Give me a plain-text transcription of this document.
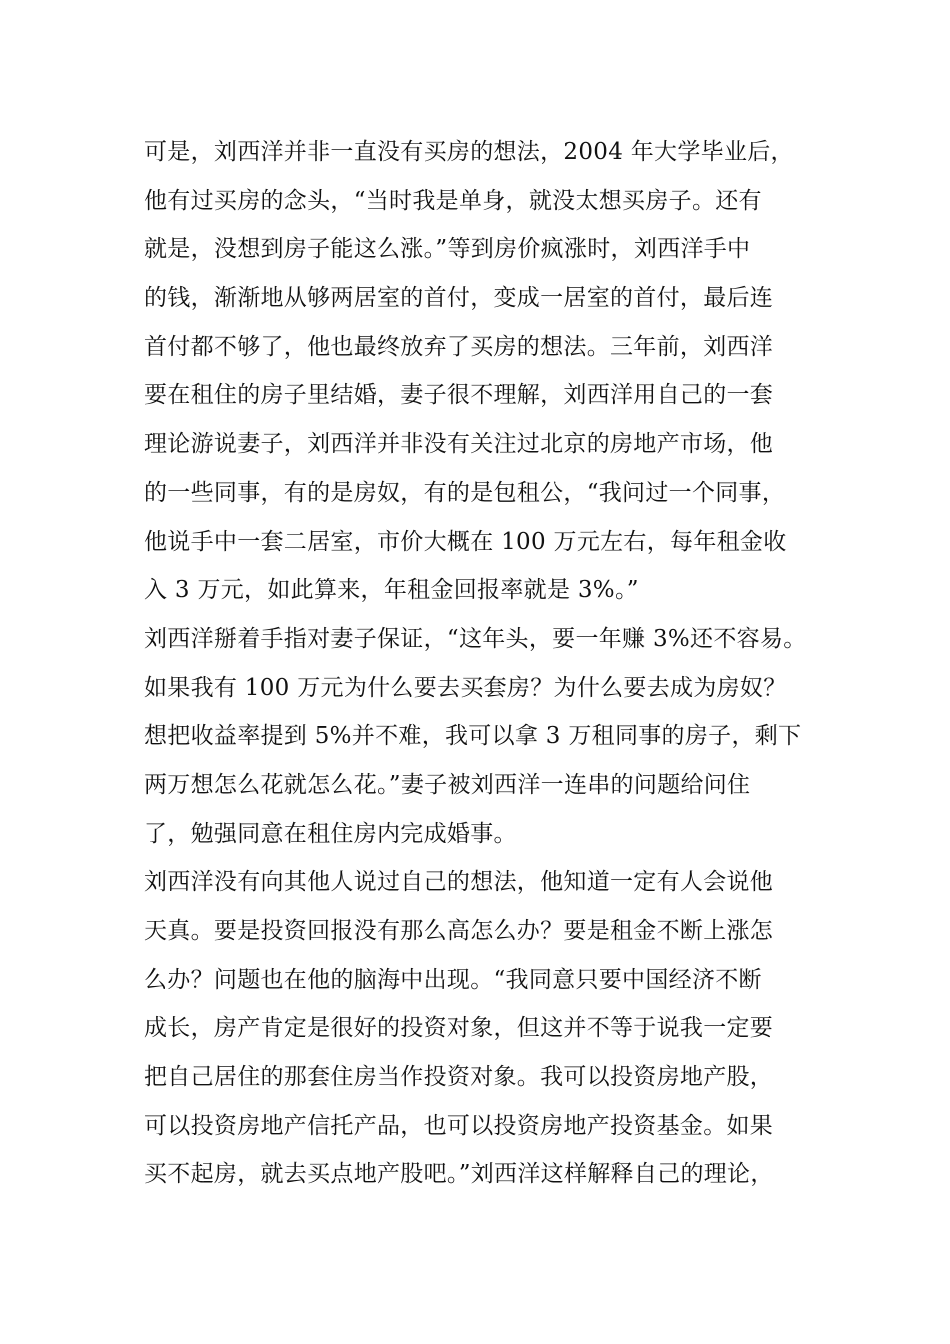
可是，刘西洋并非一直没有买房的想法，2004 年大学毕业后，
他有过买房的念头，“当时我是单身，就没太想买房子。还有
就是，没想到房子能这么涨。”等到房价疯涨时，刘西洋手中
的钱，渐渐地从够两居室的首付，变成一居室的首付，最后连
首付都不够了，他也最终放弃了买房的想法。三年前，刘西洋
要在租住的房子里结婚，妻子很不理解，刘西洋用自己的一套
理论游说妻子，刘西洋并非没有关注过北京的房地产市场，他
的一些同事，有的是房奴，有的是包租公，“我问过一个同事，
他说手中一套二居室，市价大概在 100 万元左右，每年租金收
入 3 万元，如此算来，年租金回报率就是 3%。”
刘西洋掰着手指对妻子保证，“这年头，要一年赚 3%还不容易。
如果我有 100 万元为什么要去买套房？为什么要去成为房奴？
想把收益率提到 5%并不难，我可以拿 3 万租同事的房子，剩下
两万想怎么花就怎么花。”妻子被刘西洋一连串的问题给问住
了，勉强同意在租住房内完成婚事。
刘西洋没有向其他人说过自己的想法，他知道一定有人会说他
天真。要是投资回报没有那么高怎么办？要是租金不断上涨怎
么办？问题也在他的脑海中出现。“我同意只要中国经济不断
成长，房产肯定是很好的投资对象，但这并不等于说我一定要
把自己居住的那套住房当作投资对象。我可以投资房地产股，
可以投资房地产信托产品，也可以投资房地产投资基金。如果
买不起房，就去买点地产股吧。”刘西洋这样解释自己的理论，
